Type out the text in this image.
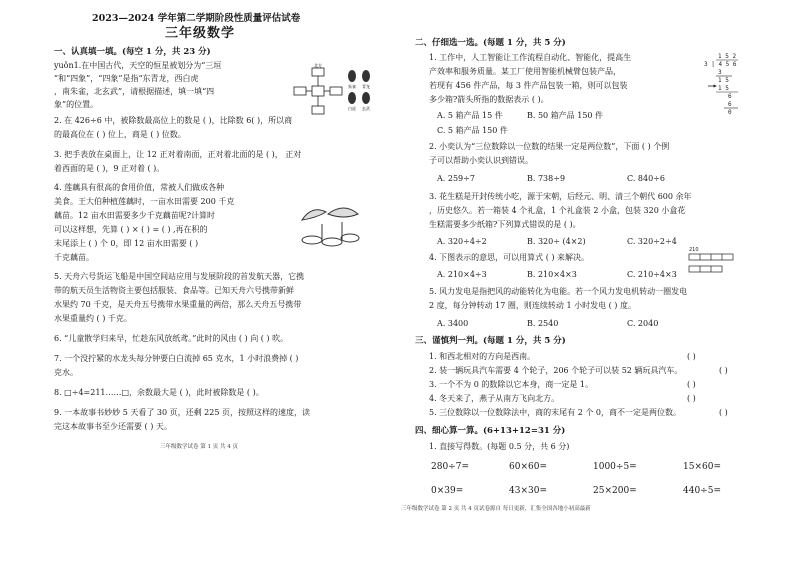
2023—2024 学年第二学期阶段性质量评估试卷
三年级数学
一、认真填一填。(每空 1 分，共 23 分)
yuǒn1.在中国古代，天空的恒星被划分为“三垣
”和“四象”，“四象”是指“东青龙，西白虎
，南朱雀，北玄武”，请根据描述，填一填“四
象”的位置。
北方
朱雀 青龙
白虎 玄武
2. 在 426÷6 中，被除数最高位上的数是 ( )，比除数 6( )，所以商
的最高位在 ( ) 位上，商是 ( ) 位数。
3. 把手表放在桌面上，让 12 正对着南面，正对着北面的是 ( )， 正对
着西面的是 ( )，9 正对着 ( )。
4. 莲藕具有很高的食用价值，常被人们做成各种
美食。王大伯种植莲藕时，一亩水田需要 200 千克
藕苗。12 亩水田需要多少千克藕苗呢?计算时
可以这样想，先算 ( ) × ( ) = ( ) ,再在积的
末尾添上 ( ) 个 0，即 12 亩水田需要 ( )
千克藕苗。
5. 天舟六号货运飞船是中国空间站应用与发展阶段的首发航天器，它携
带的航天员生活物资主要包括服装、食品等。已知天舟六号携带新鲜
水果约 70 千克，是天舟五号携带水果重量的两倍，那么天舟五号携带
水果重量约 ( ) 千克。
6. “儿童散学归来早，忙趁东风放纸鸢。”此时的风由 ( ) 向 ( ) 吹。
7. 一个没拧紧的水龙头每分钟要白白流掉 65 克水，1 小时浪费掉 ( )
克水。
8. □÷4=211……□，余数最大是 ( )，此时被除数是 ( )。
9. 一本故事书妙妙 5 天看了 30 页，还剩 225 页，按照这样的速度，读
完这本故事书至少还需要 ( ) 天。
三年级数学试卷 第 1 页 共 4 页
二、仔细选一选。(每题 1 分，共 5 分)
1. 工作中，人工智能让工作流程自动化、智能化，提高生
产效率和服务质量。某工厂使用智能机械臂包装产品，
若现有 456 件产品，每 3 件产品包装一箱，则可以包装
多少箱?箭头所指的数据表示 ( )。
1 5 2
3 | 4 5 6
3
1 5
1 5
6
6
0
A. 5 箱产品 15 件	B. 50 箱产品 150 件
C. 5 箱产品 150 件
2. 小奕认为“三位数除以一位数的结果一定是两位数”，下面 ( ) 个例
子可以帮助小奕认识到错误。
A. 259÷7	B. 738÷9	C. 840÷6
3. 花生糕是开封传统小吃，源于宋朝，后经元、明、清三个朝代 600 余年
，历史悠久。若一箱装 4 个礼盒，1 个礼盒装 2 小盒，包装 320 小盒花
生糕需要多少纸箱?下列算式错误的是 ( )。
A. 320÷4÷2	B. 320÷ (4×2)	C. 320÷2÷4
4. 下图表示的意思，可以用算式 ( ) 来解决。
210
A. 210×4÷3	B. 210×4×3	C. 210÷4×3
5. 风力发电是指把风的动能转化为电能。若一个风力发电机转动一圈发电
2 度，每分钟转动 17 圈，则连续转动 1 小时发电 ( ) 度。
A. 3400	B. 2540	C. 2040
三、谨慎判一判。(每题 1 分，共 5 分)
1. 和西北相对的方向是西南。	( )
2. 装一辆玩具汽车需要 4 个轮子，206 个轮子可以装 52 辆玩具汽车。	( )
3. 一个不为 0 的数除以它本身，商一定是 1。	( )
4. 冬天来了，燕子从南方飞向北方。	( )
5. 三位数除以一位数除法中，商的末尾有 2 个 0，商不一定是两位数。	( )
四、细心算一算。(6+13+12=31 分)
1. 直接写得数。(每题 0.5 分，共 6 分)
280÷7=	60×60=	1000÷5=	15×60=
0×39=	43×30=	25×200=	440÷5=
三年级数学试卷 第 2 页 共 4 页试卷源自 每日更新，汇集全国各地小初高最新
